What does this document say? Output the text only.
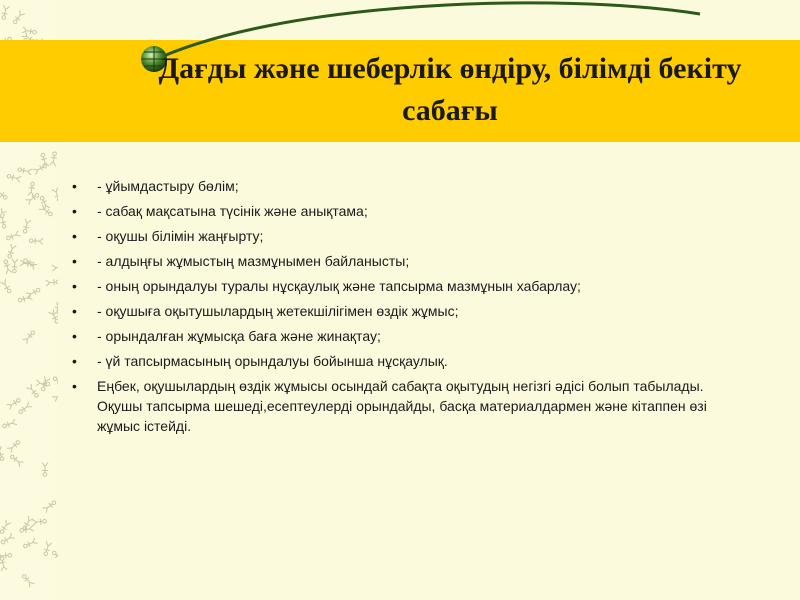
Дағды және шеберлік өндіру, білімді бекіту сабағы
• - ұйымдастыру бөлім;
• - сабақ мақсатына түсінік және анықтама;
• - оқушы білімін жаңғырту;
• - алдыңғы жұмыстың мазмұнымен байланысты;
• - оның орындалуы туралы нұсқаулық және тапсырма мазмұнын хабарлау;
• - оқушыға оқытушылардың жетекшілігімен өздік жұмыс;
• - орындалған жұмысқа баға және жинақтау;
• - үй тапсырмасының орындалуы бойынша нұсқаулық.
• Еңбек, оқушылардың өздік жұмысы осындай сабақта оқытудың негізгі әдісі болып табылады. Оқушы тапсырма шешеді,есептеулерді орындайды, басқа материалдармен және кітаппен өзі жұмыс істейді.
